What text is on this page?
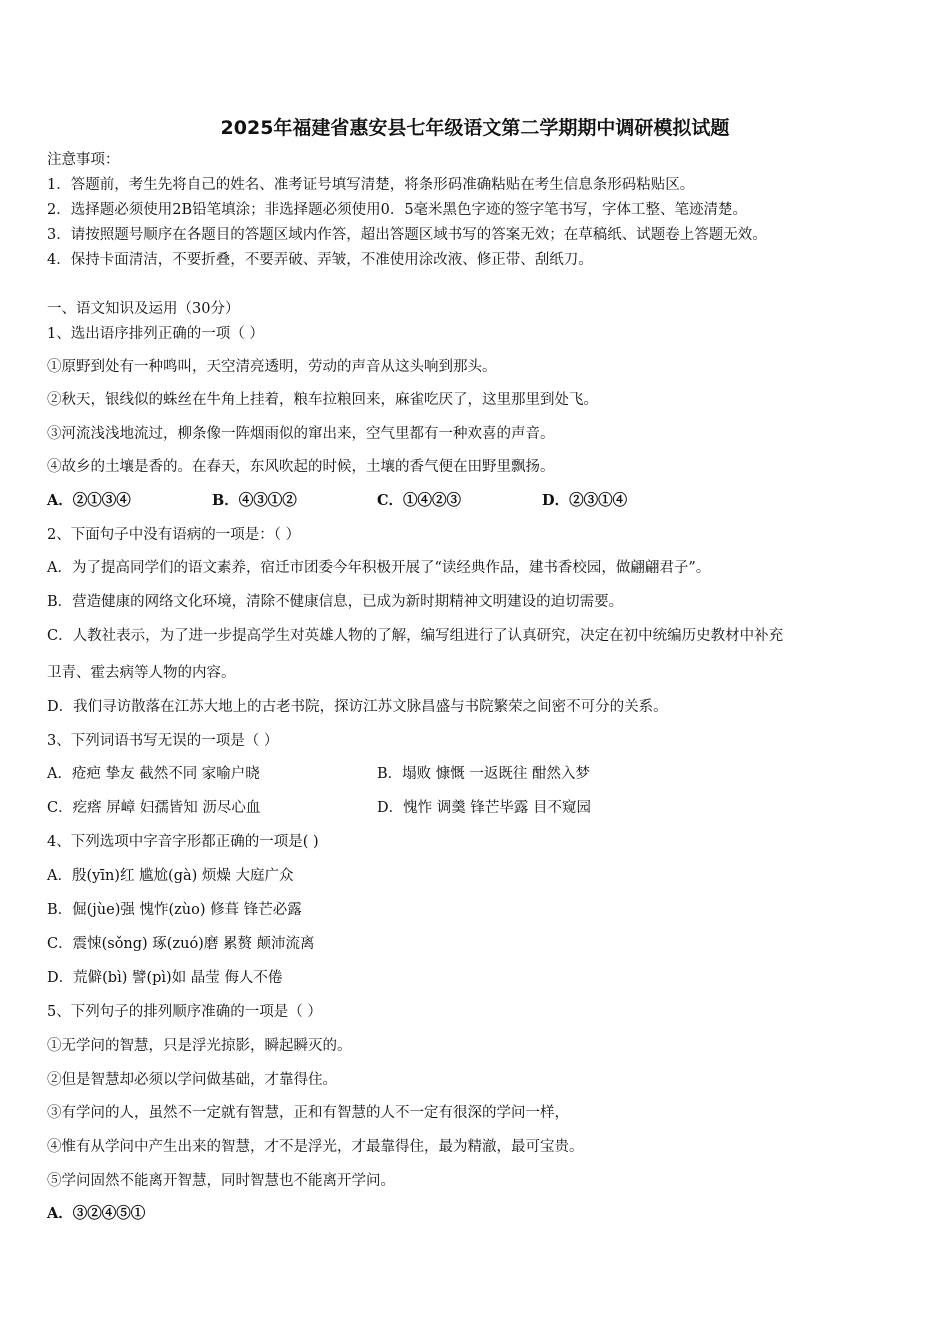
2025年福建省惠安县七年级语文第二学期期中调研模拟试题
注意事项：
1．答题前，考生先将自己的姓名、准考证号填写清楚，将条形码准确粘贴在考生信息条形码粘贴区。
2．选择题必须使用2B铅笔填涂；非选择题必须使用0．5毫米黑色字迹的签字笔书写，字体工整、笔迹清楚。
3．请按照题号顺序在各题目的答题区域内作答，超出答题区域书写的答案无效；在草稿纸、试题卷上答题无效。
4．保持卡面清洁，不要折叠，不要弄破、弄皱，不准使用涂改液、修正带、刮纸刀。
一、语文知识及运用（30分）
1、选出语序排列正确的一项（ ）
①原野到处有一种鸣叫，天空清亮透明，劳动的声音从这头响到那头。
②秋天，银线似的蛛丝在牛角上挂着，粮车拉粮回来，麻雀吃厌了，这里那里到处飞。
③河流浅浅地流过，柳条像一阵烟雨似的窜出来，空气里都有一种欢喜的声音。
④故乡的土壤是香的。在春天，东风吹起的时候，土壤的香气便在田野里飘扬。
A．②①③④	B．④③①②	C．①④②③	D．②③①④
2、下面句子中没有语病的一项是：（ ）
A．为了提高同学们的语文素养，宿迁市团委今年积极开展了“读经典作品，建书香校园，做翩翩君子”。
B．营造健康的网络文化环境，清除不健康信息，已成为新时期精神文明建设的迫切需要。
C．人教社表示，为了进一步提高学生对英雄人物的了解，编写组进行了认真研究，决定在初中统编历史教材中补充
卫青、霍去病等人物的内容。
D．我们寻访散落在江苏大地上的古老书院，探访江苏文脉昌盛与书院繁荣之间密不可分的关系。
3、下列词语书写无误的一项是（ ）
A．疮疤 挚友 截然不同 家喻户晓	B．塌败 慷慨 一返既往 酣然入梦
C．疙瘩 屏嶂 妇孺皆知 沥尽心血	D．愧怍 调羹 锋芒毕露 目不窥园
4、下列选项中字音字形都正确的一项是( )
A．殷(yīn)红 尴尬(gà) 烦燥 大庭广众
B．倔(jùe)强 愧怍(zùo) 修葺 锋芒必露
C．震悚(sǒng) 琢(zuó)磨 累赘 颠沛流离
D．荒僻(bì) 譬(pì)如 晶莹 侮人不倦
5、下列句子的排列顺序准确的一项是（ ）
①无学问的智慧，只是浮光掠影，瞬起瞬灭的。
②但是智慧却必须以学问做基础，才靠得住。
③有学问的人，虽然不一定就有智慧，正和有智慧的人不一定有很深的学问一样，
④惟有从学问中产生出来的智慧，才不是浮光，才最靠得住，最为精澈，最可宝贵。
⑤学问固然不能离开智慧，同时智慧也不能离开学问。
A．③②④⑤①
